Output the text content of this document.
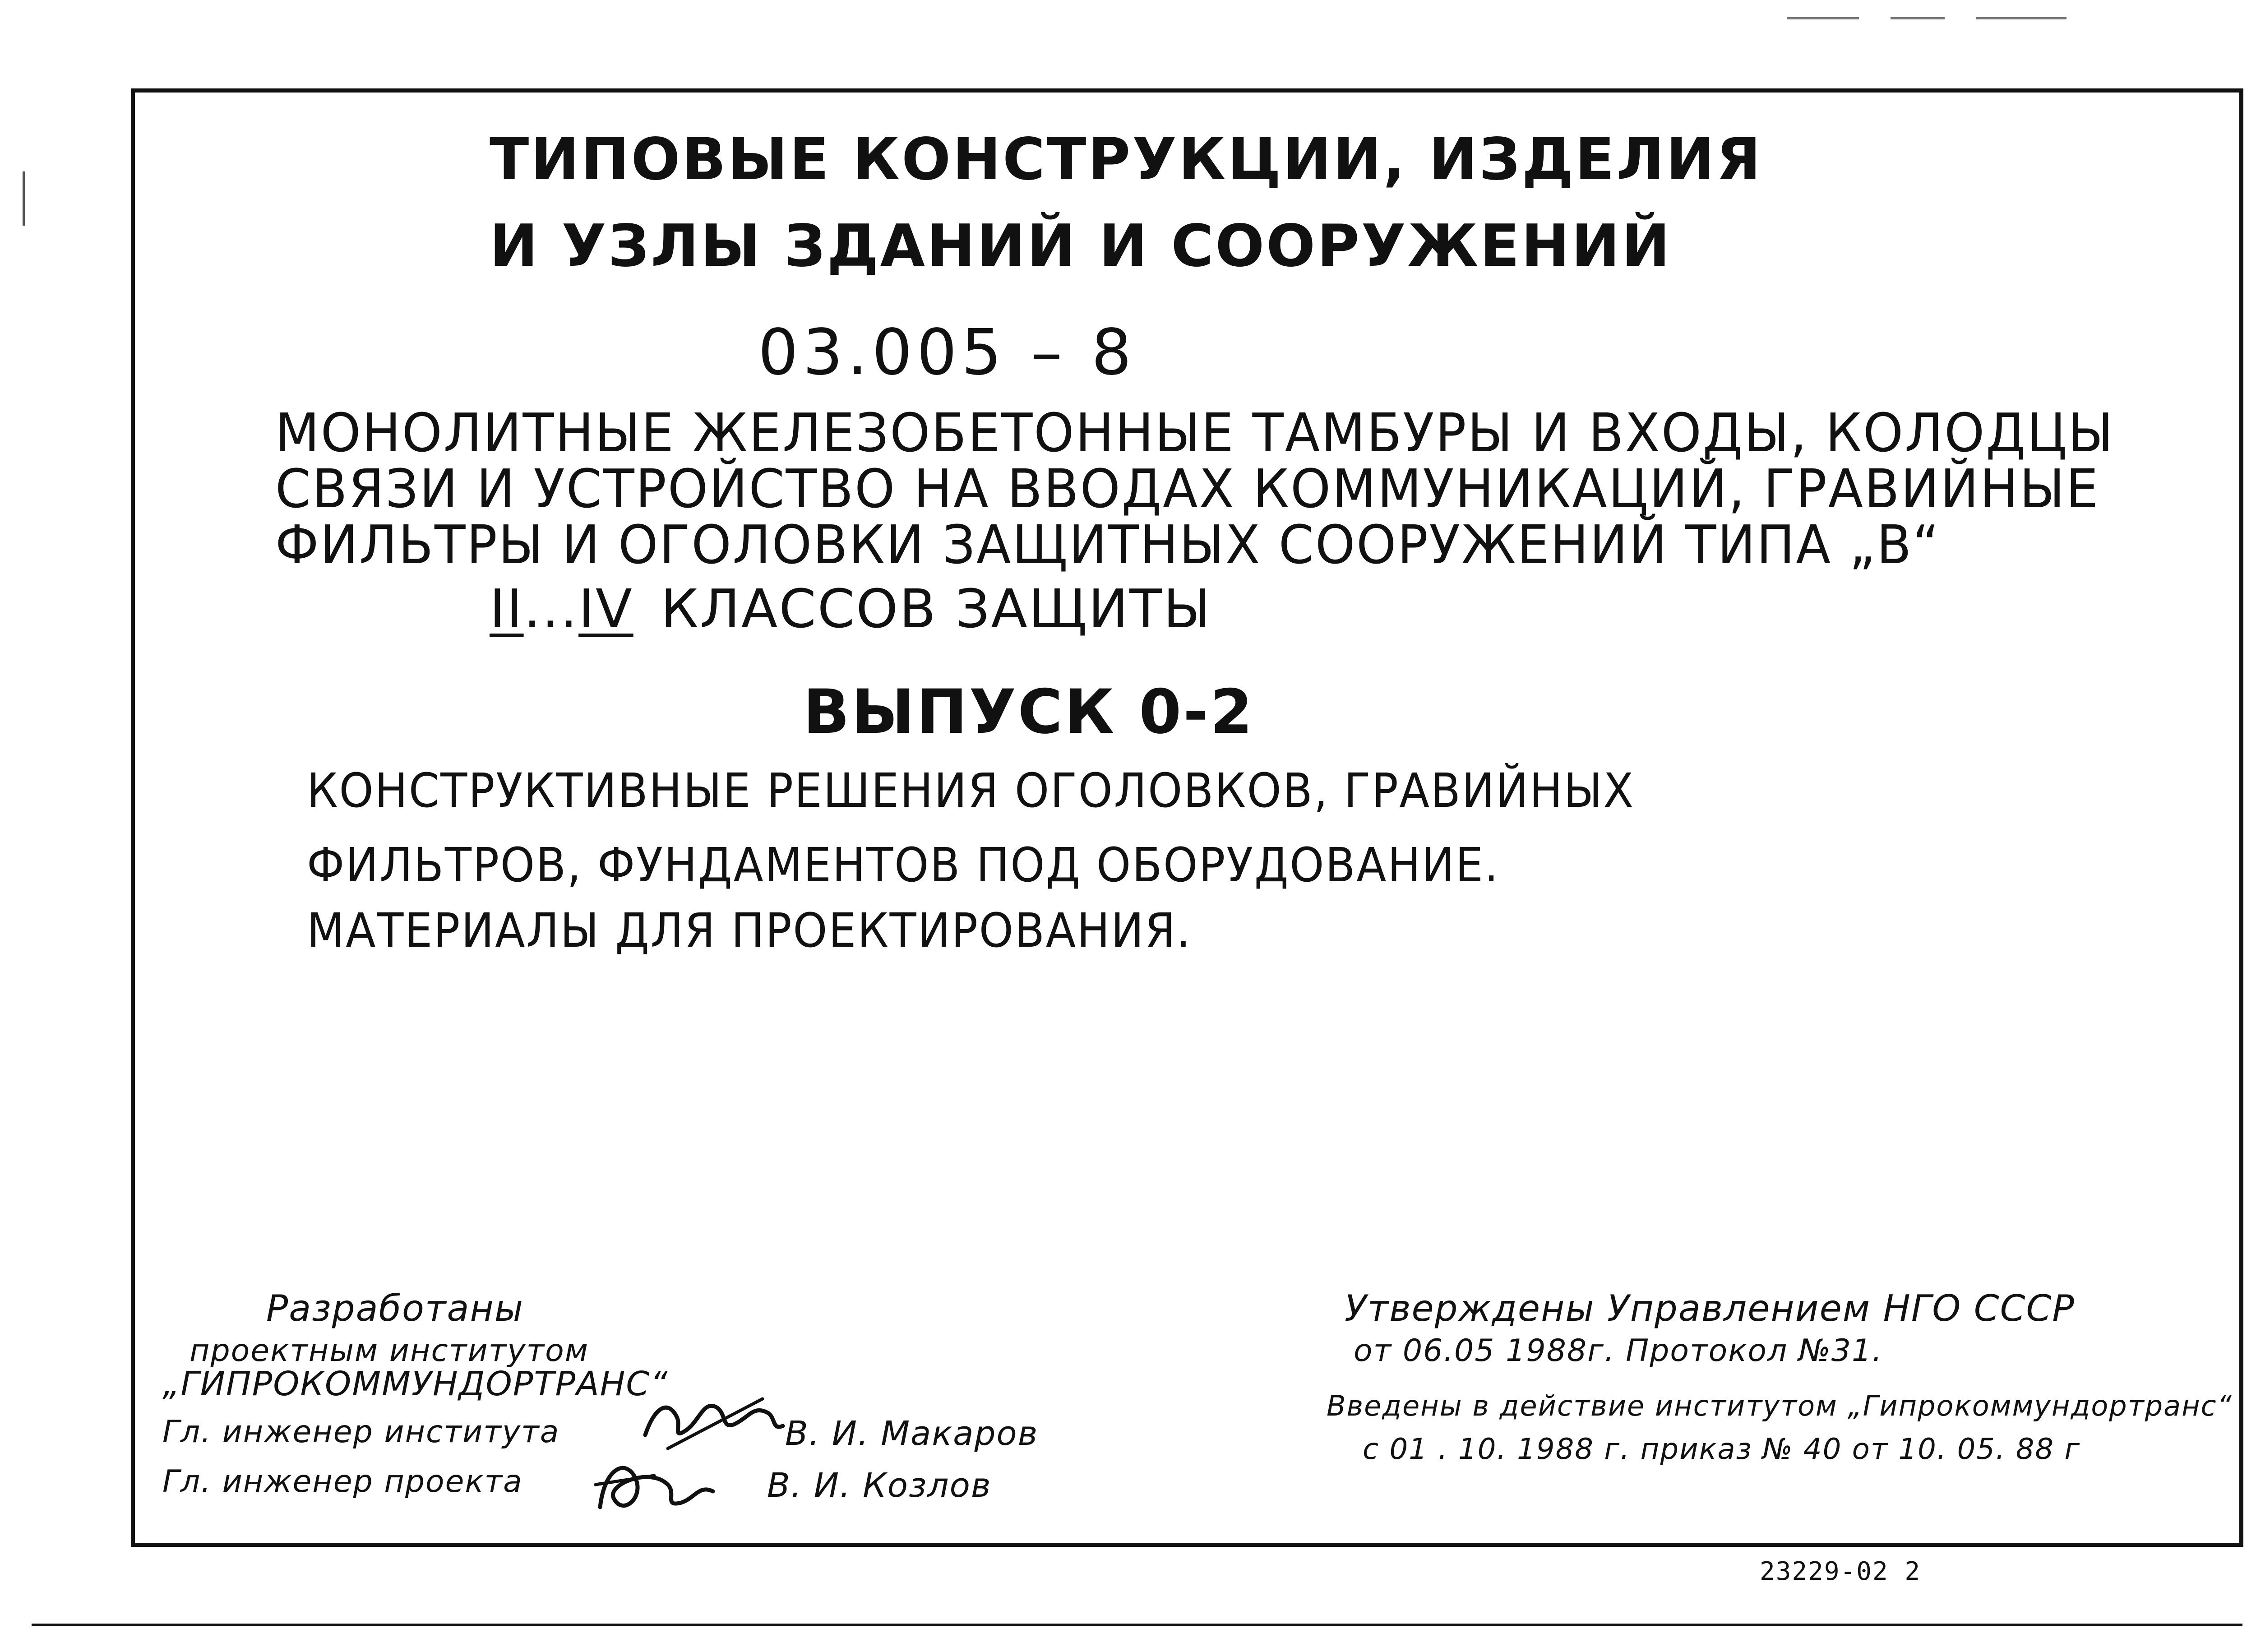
ТИПОВЫЕ КОНСТРУКЦИИ, ИЗДЕЛИЯ
И УЗЛЫ ЗДАНИЙ И СООРУЖЕНИЙ
03.005 – 8
МОНОЛИТНЫЕ ЖЕЛЕЗОБЕТОННЫЕ ТАМБУРЫ И ВХОДЫ, КОЛОДЦЫ
СВЯЗИ И УСТРОЙСТВО НА ВВОДАХ КОММУНИКАЦИЙ, ГРАВИЙНЫЕ
ФИЛЬТРЫ И ОГОЛОВКИ ЗАЩИТНЫХ СООРУЖЕНИЙ ТИПА „В“
II...IV КЛАССОВ ЗАЩИТЫ
ВЫПУСК 0-2
КОНСТРУКТИВНЫЕ РЕШЕНИЯ ОГОЛОВКОВ, ГРАВИЙНЫХ
ФИЛЬТРОВ, ФУНДАМЕНТОВ ПОД ОБОРУДОВАНИЕ.
МАТЕРИАЛЫ ДЛЯ ПРОЕКТИРОВАНИЯ.
Разработаны
проектным институтом
„ГИПРОКОММУНДОРТРАНС“
Гл. инженер института	В. И. Макаров
Гл. инженер проекта	В. И. Козлов
Утверждены Управлением НГО СССР
от 06.05 1988г. Протокол №31.
Введены в действие институтом „Гипрокоммундортранс“
с 01 . 10. 1988 г. приказ № 40 от 10. 05. 88 г
23229-02 2
